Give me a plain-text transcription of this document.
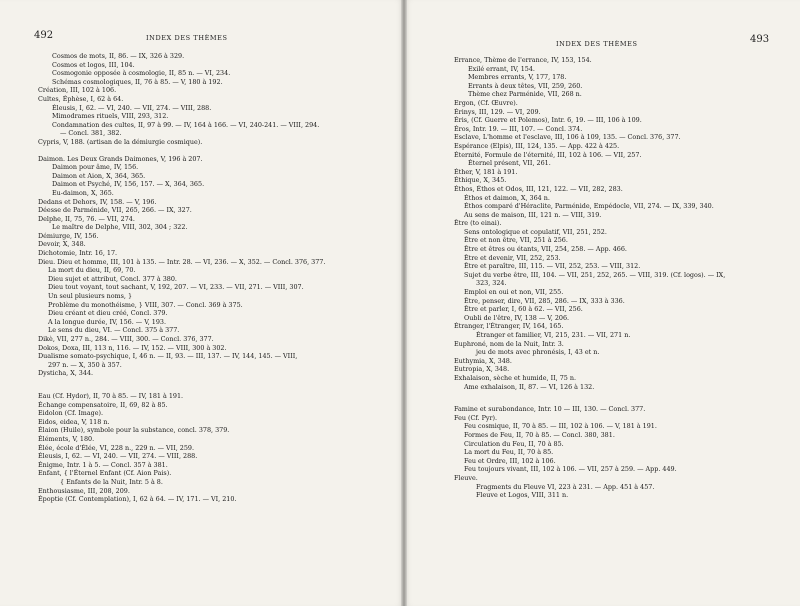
492	INDEX DES THÈMES
Cosmos de mots, II, 86. — IX, 326 à 329.
Cosmos et logos, III, 104.
Cosmogonie opposée à cosmologie, II, 85 n. — VI, 234.
Schémas cosmologiques, II, 76 à 85. — V, 180 à 192.
Création, III, 102 à 106.
Cultes, Éphèse, I, 62 à 64.
Éleusis, I, 62. — VI, 240. — VII, 274. — VIII, 288.
Mimodrames rituels, VIII, 293, 312.
Condamnation des cultes, II, 97 à 99. — IV, 164 à 166. — VI, 240-241. — VIII, 294.
— Concl. 381, 382.
Cypris, V, 188. (artisan de la démiurgie cosmique).
Daimon. Les Deux Grands Daimones, V, 196 à 207.
Daimon pour âme, IV, 156.
Daimon et Aion, X, 364, 365.
Daimon et Psyché, IV, 156, 157. — X, 364, 365.
Eu-daimon, X, 365.
Dedans et Dehors, IV, 158. — V, 196.
Déesse de Parménide, VII, 265, 266. — IX, 327.
Delphe, II, 75, 76. — VII, 274.
Le maître de Delphe, VIII, 302, 304 ; 322.
Démiurge, IV, 156.
Devoir, X, 348.
Dichotomie, Intr. 16, 17.
Dieu. Dieu et homme, III, 101 à 135. — Intr. 28. — VI, 236. — X, 352. — Concl. 376, 377.
La mort du dieu, II, 69, 70.
Dieu sujet et attribut, Concl. 377 à 380.
Dieu tout voyant, tout sachant, V, 192, 207. — VI, 233. — VII, 271. — VIII, 307.
Un seul plusieurs noms, }
Problème du monothéisme, } VIII, 307. — Concl. 369 à 375.
Dieu créant et dieu créé, Concl. 379.
A la longue durée, IV, 156. — V, 193.
Le sens du dieu, VI. — Concl. 375 à 377.
Dikè, VII, 277 n., 284. — VIII, 300. — Concl. 376, 377.
Dokos, Doxa, III, 113 n, 116. — IV, 152. — VIII, 300 à 302.
Dualisme somato-psychique, I, 46 n. — II, 93. — III, 137. — IV, 144, 145. — VIII,
297 n. — X, 350 à 357.
Dysticha, X, 344.
Eau (Cf. Hydor), II, 70 à 85. — IV, 181 à 191.
Échange compensatoire, II, 69, 82 à 85.
Eidolon (Cf. Image).
Eidos, eidea, V, 118 n.
Élaion (Huile), symbole pour la substance, concl. 378, 379.
Éléments, V, 180.
Élée, école d'Élée, VI, 228 n., 229 n. — VII, 259.
Éleusis, I, 62. — VI, 240. — VII, 274. — VIII, 288.
Énigme, Intr. 1 à 5. — Concl. 357 à 381.
Enfant, { l'Éternel Enfant (Cf. Aion Pais).
{ Enfants de la Nuit, Intr. 5 à 8.
Enthousiasme, III, 208, 209.
Époptie (Cf. Contemplation), I, 62 à 64. — IV, 171. — VI, 210.
INDEX DES THÈMES	493
Errance, Thème de l'errance, IV, 153, 154.
Exilé errant, IV, 154.
Membres errants, V, 177, 178.
Errants à deux têtes, VII, 259, 260.
Thème chez Parménide, VII, 268 n.
Ergon, (Cf. Œuvre).
Érinys, III, 129. — VI, 209.
Éris, (Cf. Guerre et Polemos), Intr. 6, 19. — III, 106 à 109.
Éros, Intr. 19. — III, 107. — Concl. 374.
Esclave, L'homme et l'esclave, III, 106 à 109, 135. — Concl. 376, 377.
Espérance (Elpis), III, 124, 135. — App. 422 à 425.
Éternité, Formule de l'éternité, III, 102 à 106. — VII, 257.
Éternel présent, VII, 261.
Éther, V, 181 à 191.
Éthique, X, 345.
Éthos, Éthos et Odos, III, 121, 122. — VII, 282, 283.
Éthos et daimon, X, 364 n.
Éthos comparé d'Héraclite, Parménide, Empédocle, VII, 274. — IX, 339, 340.
Au sens de maison, III, 121 n. — VIII, 319.
Être (to einai).
Sens ontologique et copulatif, VII, 251, 252.
Être et non être, VII, 251 à 256.
Être et êtres ou étants, VII, 254, 258. — App. 466.
Être et devenir, VII, 252, 253.
Être et paraître, III, 115. — VII, 252, 253. — VIII, 312.
Sujet du verbe être, III, 104. — VII, 251, 252, 265. — VIII, 319. (Cf. logos). — IX,
323, 324.
Emploi en oui et non, VII, 255.
Être, penser, dire, VII, 285, 286. — IX, 333 à 336.
Être et parler, I, 60 à 62. — VII, 256.
Oubli de l'être, IV, 138 — V, 206.
Étranger, l'Étranger, IV, 164, 165.
Étranger et familier, VI, 215, 231. — VII, 271 n.
Euphroné, nom de la Nuit, Intr. 3.
jeu de mots avec phronésis, I, 43 et n.
Euthymia, X, 348.
Eutropia, X, 348.
Exhalaison, sèche et humide, II, 75 n.
Ame exhalaison, II, 87. — VI, 126 à 132.
Famine et surabondance, Intr. 10 — III, 130. — Concl. 377.
Feu (Cf. Pyr).
Feu cosmique, II, 70 à 85. — III, 102 à 106. — V, 181 à 191.
Formes de Feu, II, 70 à 85. — Concl. 380, 381.
Circulation du Feu, II, 70 à 85.
La mort du Feu, II, 70 à 85.
Feu et Ordre, III, 102 à 106.
Feu toujours vivant, III, 102 à 106. — VII, 257 à 259. — App. 449.
Fleuve.
Fragments du Fleuve VI, 223 à 231. — App. 451 à 457.
Fleuve et Logos, VIII, 311 n.
